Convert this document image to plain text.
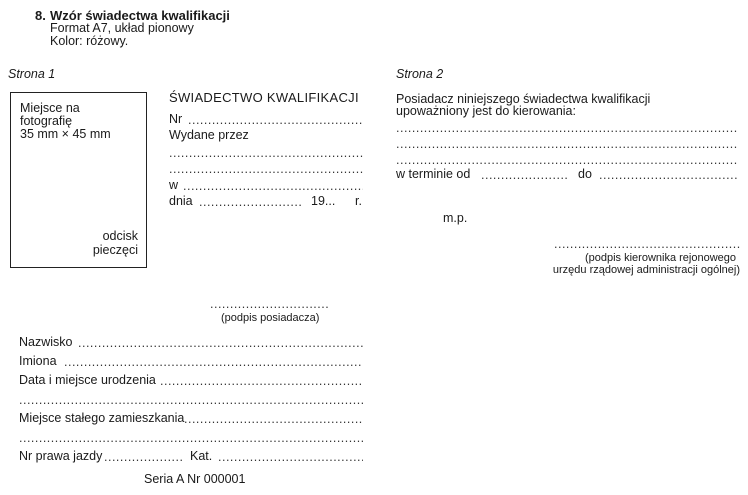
8. Wzór świadectwa kwalifikacji
Format A7, układ pionowy
Kolor: różowy.
Strona 1
Miejsce na
fotografię
35 mm × 45 mm
odcisk
pieczęci
ŚWIADECTWO KWALIFIKACJI
Nr
.....
Wydane przez
.....
.....
w
.....
dnia .....	19... r.
.....
(podpis posiadacza)
Nazwisko
.....
Imiona
.....
Data i miejsce urodzenia
.....
.....
Miejsce stałego zamieszkania
.....
.....
Nr prawa jazdy .....	Kat.
.....
Seria A Nr 000001
Strona 2
Posiadacz niniejszego świadectwa kwalifikacji
upoważniony jest do kierowania:
.....
.....
.....
w terminie od .....	do
.....
m.p.
.....
(podpis kierownika rejonowego
urzędu rządowej administracji ogólnej)
